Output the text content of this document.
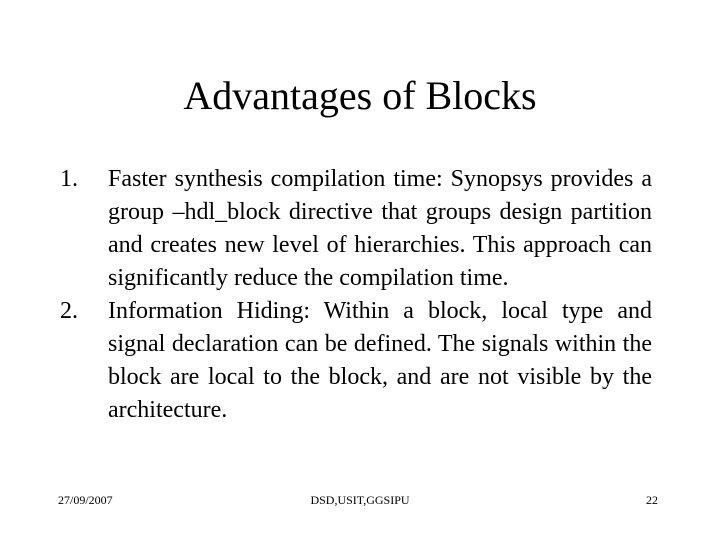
Advantages of Blocks
1.	Faster synthesis compilation time: Synopsys provides a group –hdl_block directive that groups design partition and creates new level of hierarchies. This approach can significantly reduce the compilation time.
2.	Information Hiding: Within a block, local type and signal declaration can be defined. The signals within the block are local to the block, and are not visible by the architecture.
27/09/2007	DSD,USIT,GGSIPU	22
